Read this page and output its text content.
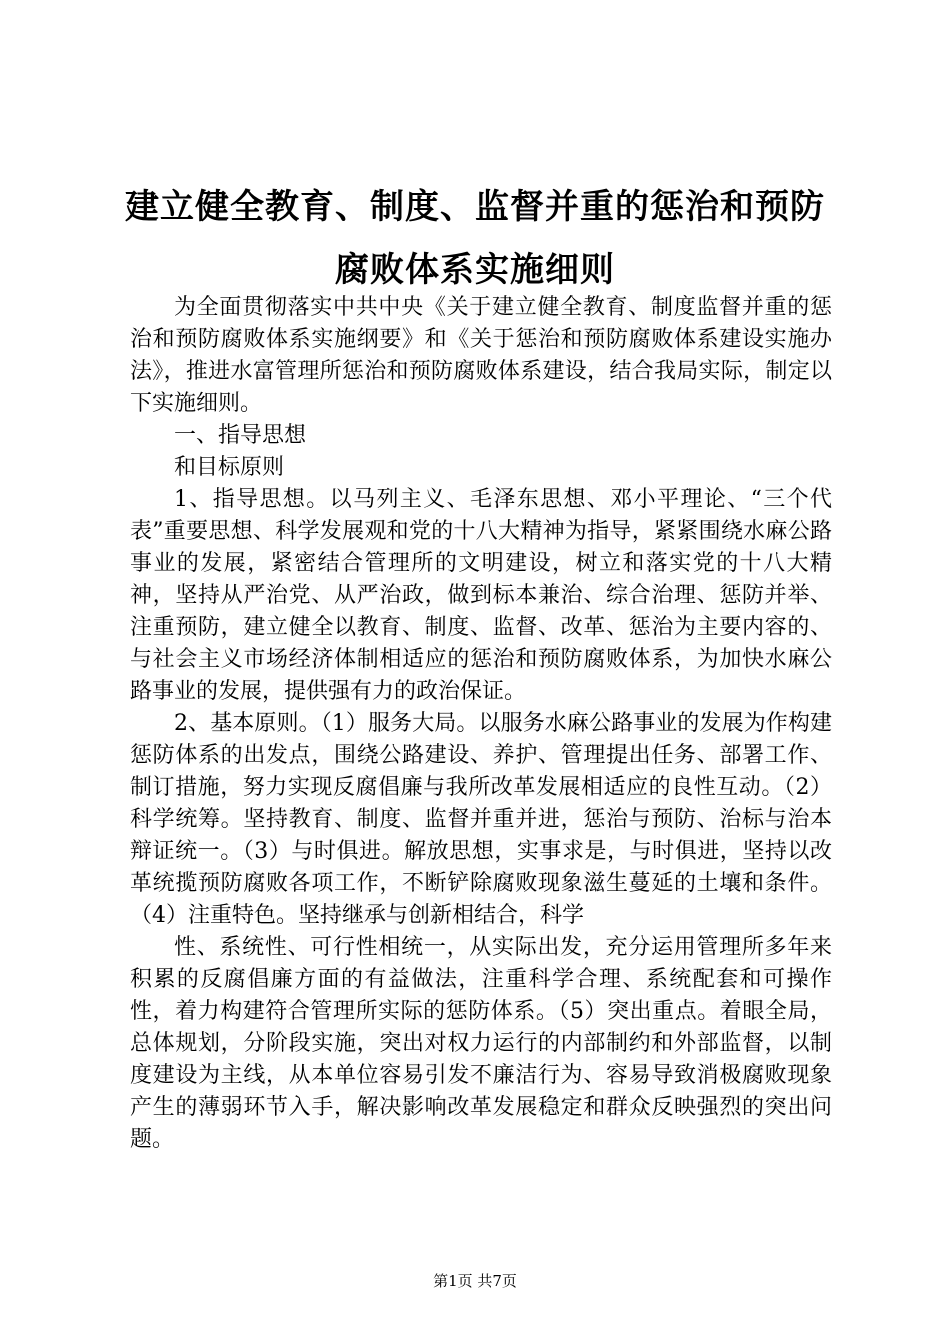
建立健全教育、制度、监督并重的惩治和预防
腐败体系实施细则

为全面贯彻落实中共中央《关于建立健全教育、制度监督并重的惩治和预防腐败体系实施纲要》和《关于惩治和预防腐败体系建设实施办法》，推进水富管理所惩治和预防腐败体系建设，结合我局实际，制定以下实施细则。

一、指导思想

和目标原则

1、指导思想。以马列主义、毛泽东思想、邓小平理论、“三个代表”重要思想、科学发展观和党的十八大精神为指导，紧紧围绕水麻公路事业的发展，紧密结合管理所的文明建设，树立和落实党的十八大精神，坚持从严治党、从严治政，做到标本兼治、综合治理、惩防并举、注重预防，建立健全以教育、制度、监督、改革、惩治为主要内容的、与社会主义市场经济体制相适应的惩治和预防腐败体系，为加快水麻公路事业的发展，提供强有力的政治保证。

2、基本原则。（1）服务大局。以服务水麻公路事业的发展为作构建惩防体系的出发点，围绕公路建设、养护、管理提出任务、部署工作、制订措施，努力实现反腐倡廉与我所改革发展相适应的良性互动。（2）科学统筹。坚持教育、制度、监督并重并进，惩治与预防、治标与治本辩证统一。（3）与时俱进。解放思想，实事求是，与时俱进，坚持以改革统揽预防腐败各项工作，不断铲除腐败现象滋生蔓延的土壤和条件。（4）注重特色。坚持继承与创新相结合，科学

性、系统性、可行性相统一，从实际出发，充分运用管理所多年来积累的反腐倡廉方面的有益做法，注重科学合理、系统配套和可操作性，着力构建符合管理所实际的惩防体系。（5）突出重点。着眼全局，总体规划，分阶段实施，突出对权力运行的内部制约和外部监督，以制度建设为主线，从本单位容易引发不廉洁行为、容易导致消极腐败现象产生的薄弱环节入手，解决影响改革发展稳定和群众反映强烈的突出问题。

第1页 共7页
